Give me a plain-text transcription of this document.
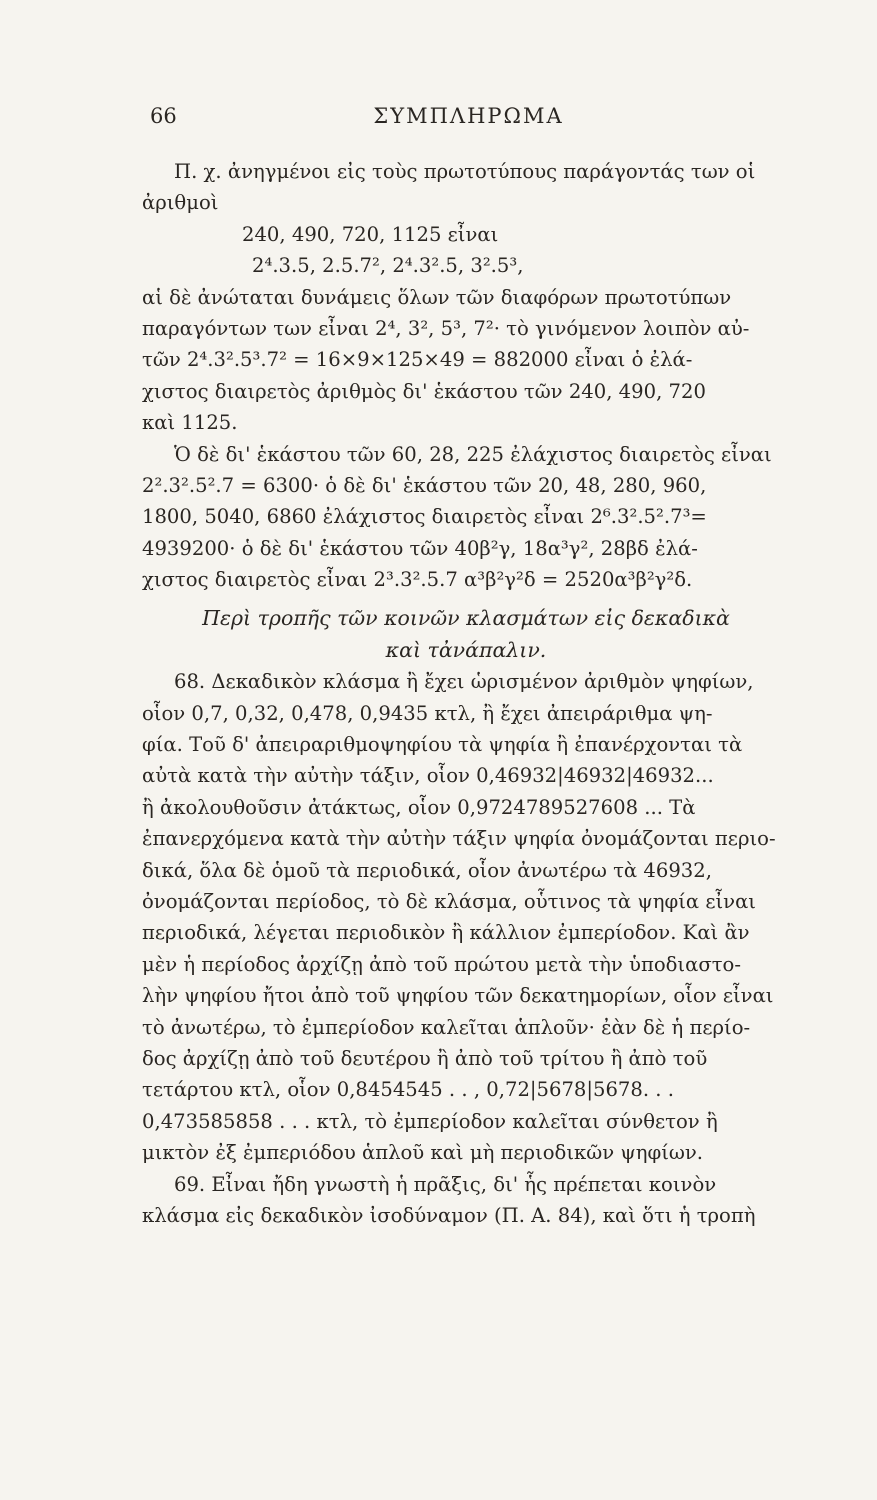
66	ΣΥΜΠΛΗΡΩΜΑ
Π. χ. ἀνηγμένοι εἰς τοὺς πρωτοτύπους παράγοντάς των οἱ
ἀριθμοὶ
240, 490, 720, 1125 εἶναι
2⁴.3.5, 2.5.7², 2⁴.3².5, 3².5³,
αἱ δὲ ἀνώταται δυνάμεις ὅλων τῶν διαφόρων πρωτοτύπων
παραγόντων των εἶναι 2⁴, 3², 5³, 7²· τὸ γινόμενον λοιπὸν αὐ-
τῶν 2⁴.3².5³.7² = 16×9×125×49 = 882000 εἶναι ὁ ἐλά-
χιστος διαιρετὸς ἀριθμὸς δι' ἑκάστου τῶν 240, 490, 720
καὶ 1125.
Ὁ δὲ δι' ἑκάστου τῶν 60, 28, 225 ἐλάχιστος διαιρετὸς εἶναι
2².3².5².7 = 6300· ὁ δὲ δι' ἑκάστου τῶν 20, 48, 280, 960,
1800, 5040, 6860 ἐλάχιστος διαιρετὸς εἶναι 2⁶.3².5².7³=
4939200· ὁ δὲ δι' ἑκάστου τῶν 40β²γ, 18α³γ², 28βδ ἐλά-
χιστος διαιρετὸς εἶναι 2³.3².5.7 α³β²γ²δ = 2520α³β²γ²δ.
Περὶ τροπῆς τῶν κοινῶν κλασμάτων εἰς δεκαδικὰ
καὶ τἀνάπαλιν.
68. Δεκαδικὸν κλάσμα ἢ ἔχει ὡρισμένον ἀριθμὸν ψηφίων,
οἷον 0,7, 0,32, 0,478, 0,9435 κτλ, ἢ ἔχει ἀπειράριθμα ψη-
φία. Τοῦ δ' ἀπειραριθμοψηφίου τὰ ψηφία ἢ ἐπανέρχονται τὰ
αὐτὰ κατὰ τὴν αὐτὴν τάξιν, οἷον 0,46932|46932|46932...
ἢ ἀκολουθοῦσιν ἀτάκτως, οἷον 0,9724789527608 ... Τὰ
ἐπανερχόμενα κατὰ τὴν αὐτὴν τάξιν ψηφία ὀνομάζονται περιο-
δικά, ὅλα δὲ ὁμοῦ τὰ περιοδικά, οἷον ἀνωτέρω τὰ 46932,
ὀνομάζονται περίοδος, τὸ δὲ κλάσμα, οὗτινος τὰ ψηφία εἶναι
περιοδικά, λέγεται περιοδικὸν ἢ κάλλιον ἐμπερίοδον. Καὶ ἂν
μὲν ἡ περίοδος ἀρχίζῃ ἀπὸ τοῦ πρώτου μετὰ τὴν ὑποδιαστο-
λὴν ψηφίου ἤτοι ἀπὸ τοῦ ψηφίου τῶν δεκατημορίων, οἷον εἶναι
τὸ ἀνωτέρω, τὸ ἐμπερίοδον καλεῖται ἁπλοῦν· ἐὰν δὲ ἡ περίο-
δος ἀρχίζῃ ἀπὸ τοῦ δευτέρου ἢ ἀπὸ τοῦ τρίτου ἢ ἀπὸ τοῦ
τετάρτου κτλ, οἷον 0,8454545 . . , 0,72|5678|5678. . .
0,473585858 . . . κτλ, τὸ ἐμπερίοδον καλεῖται σύνθετον ἢ
μικτὸν ἐξ ἐμπεριόδου ἁπλοῦ καὶ μὴ περιοδικῶν ψηφίων.
69. Εἶναι ἤδη γνωστὴ ἡ πρᾶξις, δι' ἧς πρέπεται κοινὸν
κλάσμα εἰς δεκαδικὸν ἰσοδύναμον (Π. Α. 84), καὶ ὅτι ἡ τροπὴ
